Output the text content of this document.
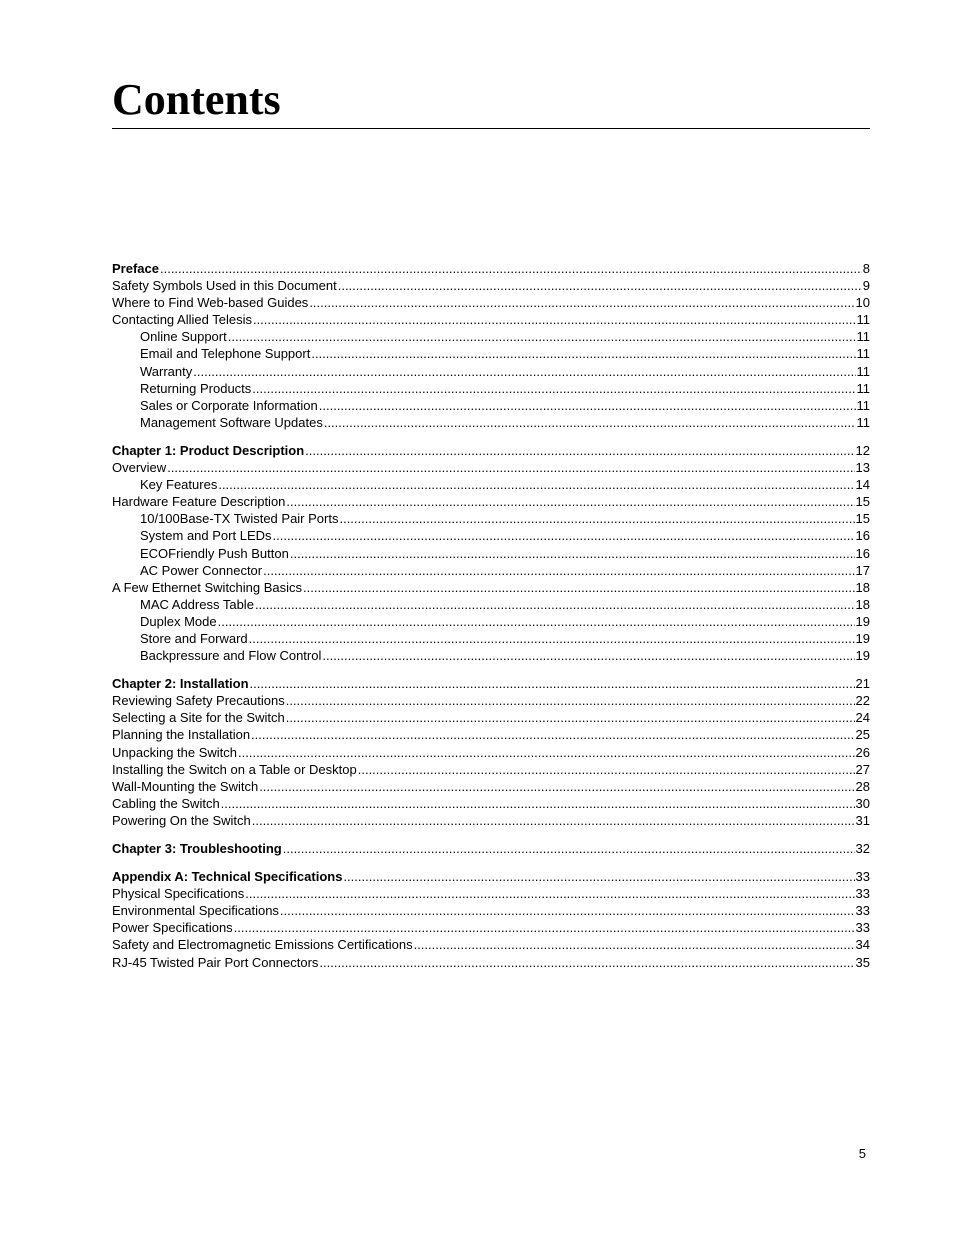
Contents
Preface .....	8
Safety Symbols Used in this Document .....	9
Where to Find Web-based Guides .....	10
Contacting Allied Telesis .....	11
Online Support .....	11
Email and Telephone Support .....	11
Warranty .....	11
Returning Products .....	11
Sales or Corporate Information .....	11
Management Software Updates .....	11
Chapter 1: Product Description .....	12
Overview .....	13
Key Features .....	14
Hardware Feature Description .....	15
10/100Base-TX Twisted Pair Ports .....	15
System and Port LEDs .....	16
ECOFriendly Push Button .....	16
AC Power Connector .....	17
A Few Ethernet Switching Basics .....	18
MAC Address Table .....	18
Duplex Mode .....	19
Store and Forward .....	19
Backpressure and Flow Control .....	19
Chapter 2: Installation .....	21
Reviewing Safety Precautions .....	22
Selecting a Site for the Switch .....	24
Planning the Installation .....	25
Unpacking the Switch .....	26
Installing the Switch on a Table or Desktop .....	27
Wall-Mounting the Switch .....	28
Cabling the Switch .....	30
Powering On the Switch .....	31
Chapter 3: Troubleshooting .....	32
Appendix A: Technical Specifications .....	33
Physical Specifications .....	33
Environmental Specifications .....	33
Power Specifications .....	33
Safety and Electromagnetic Emissions Certifications .....	34
RJ-45 Twisted Pair Port Connectors .....	35
5
